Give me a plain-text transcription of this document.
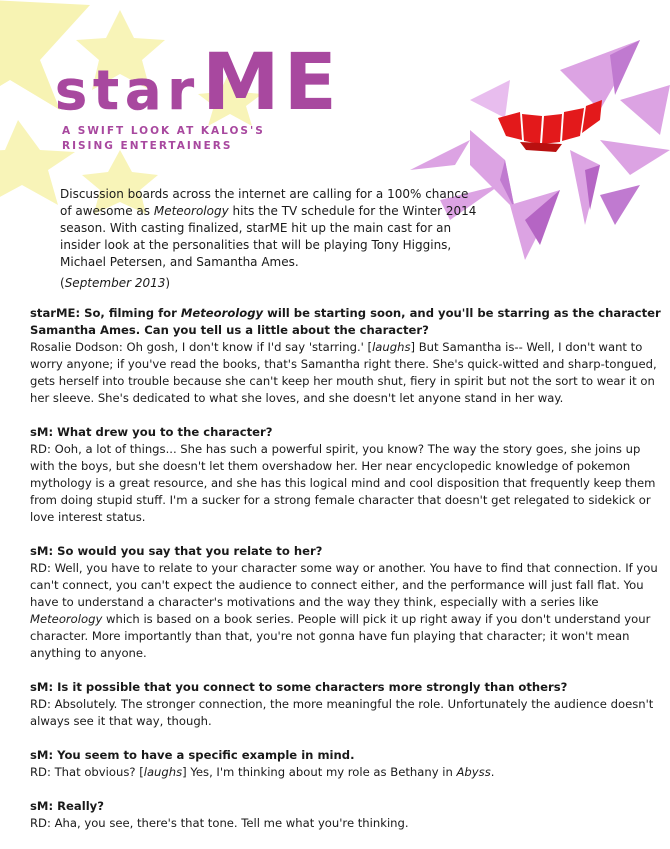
starME
A SWIFT LOOK AT KALOS'S
RISING ENTERTAINERS

Discussion boards across the internet are calling for a 100% chance of awesome as Meteorology hits the TV schedule for the Winter 2014 season. With casting finalized, starME hit up the main cast for an insider look at the personalities that will be playing Tony Higgins, Michael Petersen, and Samantha Ames.

(September 2013)

starME: So, filming for Meteorology will be starting soon, and you'll be starring as the character Samantha Ames. Can you tell us a little about the character?

Rosalie Dodson: Oh gosh, I don't know if I'd say 'starring.' [laughs] But Samantha is-- Well, I don't want to worry anyone; if you've read the books, that's Samantha right there. She's quick-witted and sharp-tongued, gets herself into trouble because she can't keep her mouth shut, fiery in spirit but not the sort to wear it on her sleeve. She's dedicated to what she loves, and she doesn't let anyone stand in her way.

sM: What drew you to the character?

RD: Ooh, a lot of things... She has such a powerful spirit, you know? The way the story goes, she joins up with the boys, but she doesn't let them overshadow her. Her near encyclopedic knowledge of pokemon mythology is a great resource, and she has this logical mind and cool disposition that frequently keep them from doing stupid stuff. I'm a sucker for a strong female character that doesn't get relegated to sidekick or love interest status.

sM: So would you say that you relate to her?

RD: Well, you have to relate to your character some way or another. You have to find that connection. If you can't connect, you can't expect the audience to connect either, and the performance will just fall flat. You have to understand a character's motivations and the way they think, especially with a series like Meteorology which is based on a book series. People will pick it up right away if you don't understand your character. More importantly than that, you're not gonna have fun playing that character; it won't mean anything to anyone.

sM: Is it possible that you connect to some characters more strongly than others?

RD: Absolutely. The stronger connection, the more meaningful the role. Unfortunately the audience doesn't always see it that way, though.

sM: You seem to have a specific example in mind.

RD: That obvious? [laughs] Yes, I'm thinking about my role as Bethany in Abyss.

sM: Really?

RD: Aha, you see, there's that tone. Tell me what you're thinking.
